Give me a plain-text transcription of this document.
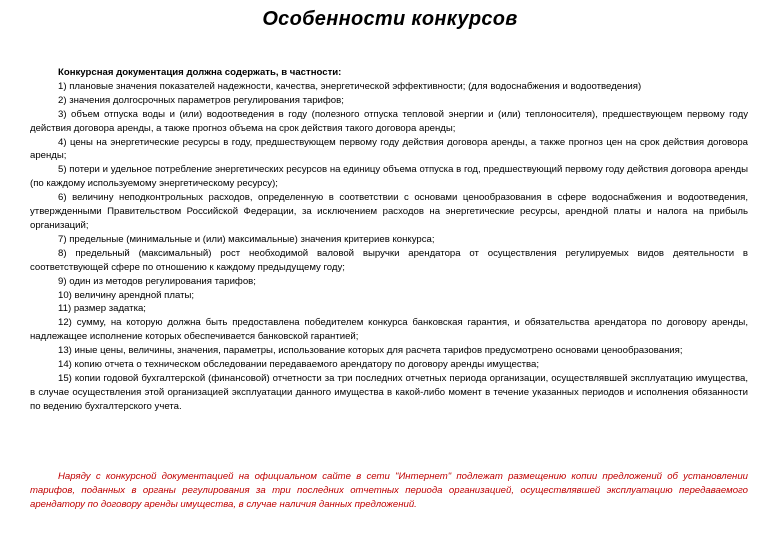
Особенности конкурсов

Конкурсная документация должна содержать, в частности:

1) плановые значения показателей надежности, качества, энергетической эффективности; (для водоснабжения и водоотведения)

2) значения долгосрочных параметров регулирования тарифов;

3) объем отпуска воды и (или) водоотведения в году (полезного отпуска тепловой энергии и (или) теплоносителя), предшествующем первому году действия договора аренды, а также прогноз объема на срок действия такого договора аренды;

4) цены на энергетические ресурсы в году, предшествующем первому году действия договора аренды, а также прогноз цен на срок действия договора аренды;

5) потери и удельное потребление энергетических ресурсов на единицу объема отпуска в год, предшествующий первому году действия договора аренды (по каждому используемому энергетическому ресурсу);

6) величину неподконтрольных расходов, определенную в соответствии с основами ценообразования в сфере водоснабжения и водоотведения, утвержденными Правительством Российской Федерации, за исключением расходов на энергетические ресурсы, арендной платы и налога на прибыль организаций;

7) предельные (минимальные и (или) максимальные) значения критериев конкурса;

8) предельный (максимальный) рост необходимой валовой выручки арендатора от осуществления регулируемых видов деятельности в соответствующей сфере по отношению к каждому предыдущему году;

9) один из методов регулирования тарифов;

10) величину арендной платы;

11) размер задатка;

12) сумму, на которую должна быть предоставлена победителем конкурса банковская гарантия, и обязательства арендатора по договору аренды, надлежащее исполнение которых обеспечивается банковской гарантией;

13) иные цены, величины, значения, параметры, использование которых для расчета тарифов предусмотрено основами ценообразования;

14) копию отчета о техническом обследовании передаваемого арендатору по договору аренды имущества;

15) копии годовой бухгалтерской (финансовой) отчетности за три последних отчетных периода организации, осуществлявшей эксплуатацию имущества, в случае осуществления этой организацией эксплуатации данного имущества в какой-либо момент в течение указанных периодов и исполнения обязанности по ведению бухгалтерского учета.

Наряду с конкурсной документацией на официальном сайте в сети "Интернет" подлежат размещению копии предложений об установлении тарифов, поданных в органы регулирования за три последних отчетных периода организацией, осуществлявшей эксплуатацию передаваемого арендатору по договору аренды имущества, в случае наличия данных предложений.
